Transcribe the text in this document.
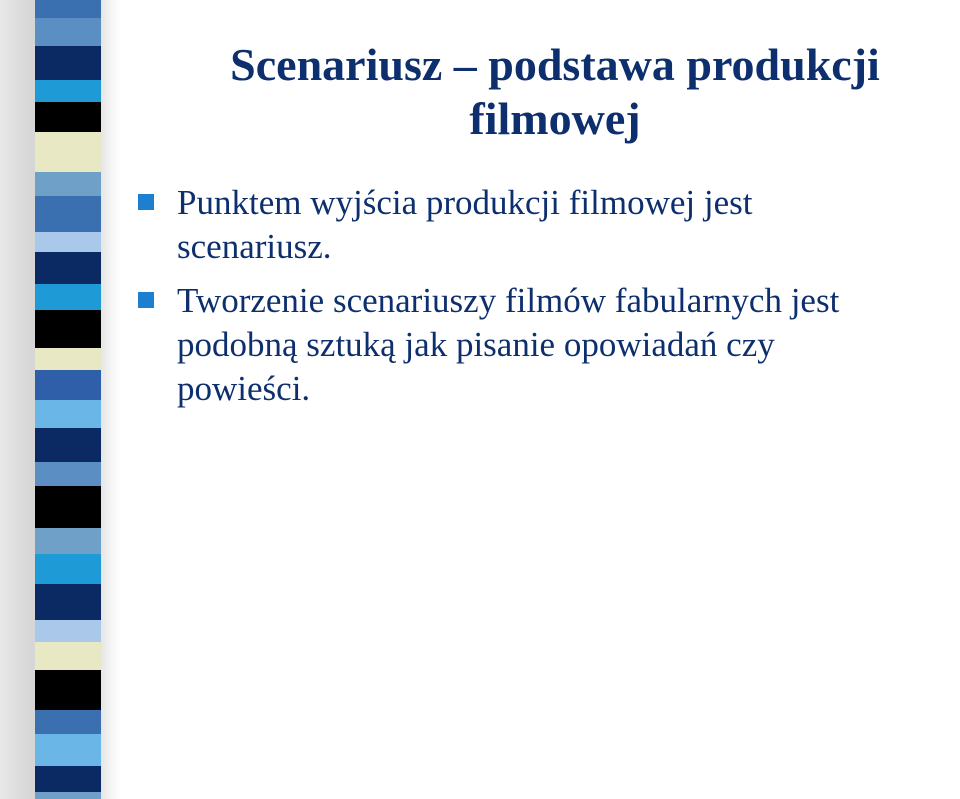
Scenariusz – podstawa produkcji
filmowej
Punktem wyjścia produkcji filmowej jest
scenariusz.
Tworzenie scenariuszy filmów fabularnych jest
podobną sztuką jak pisanie opowiadań czy
powieści.
